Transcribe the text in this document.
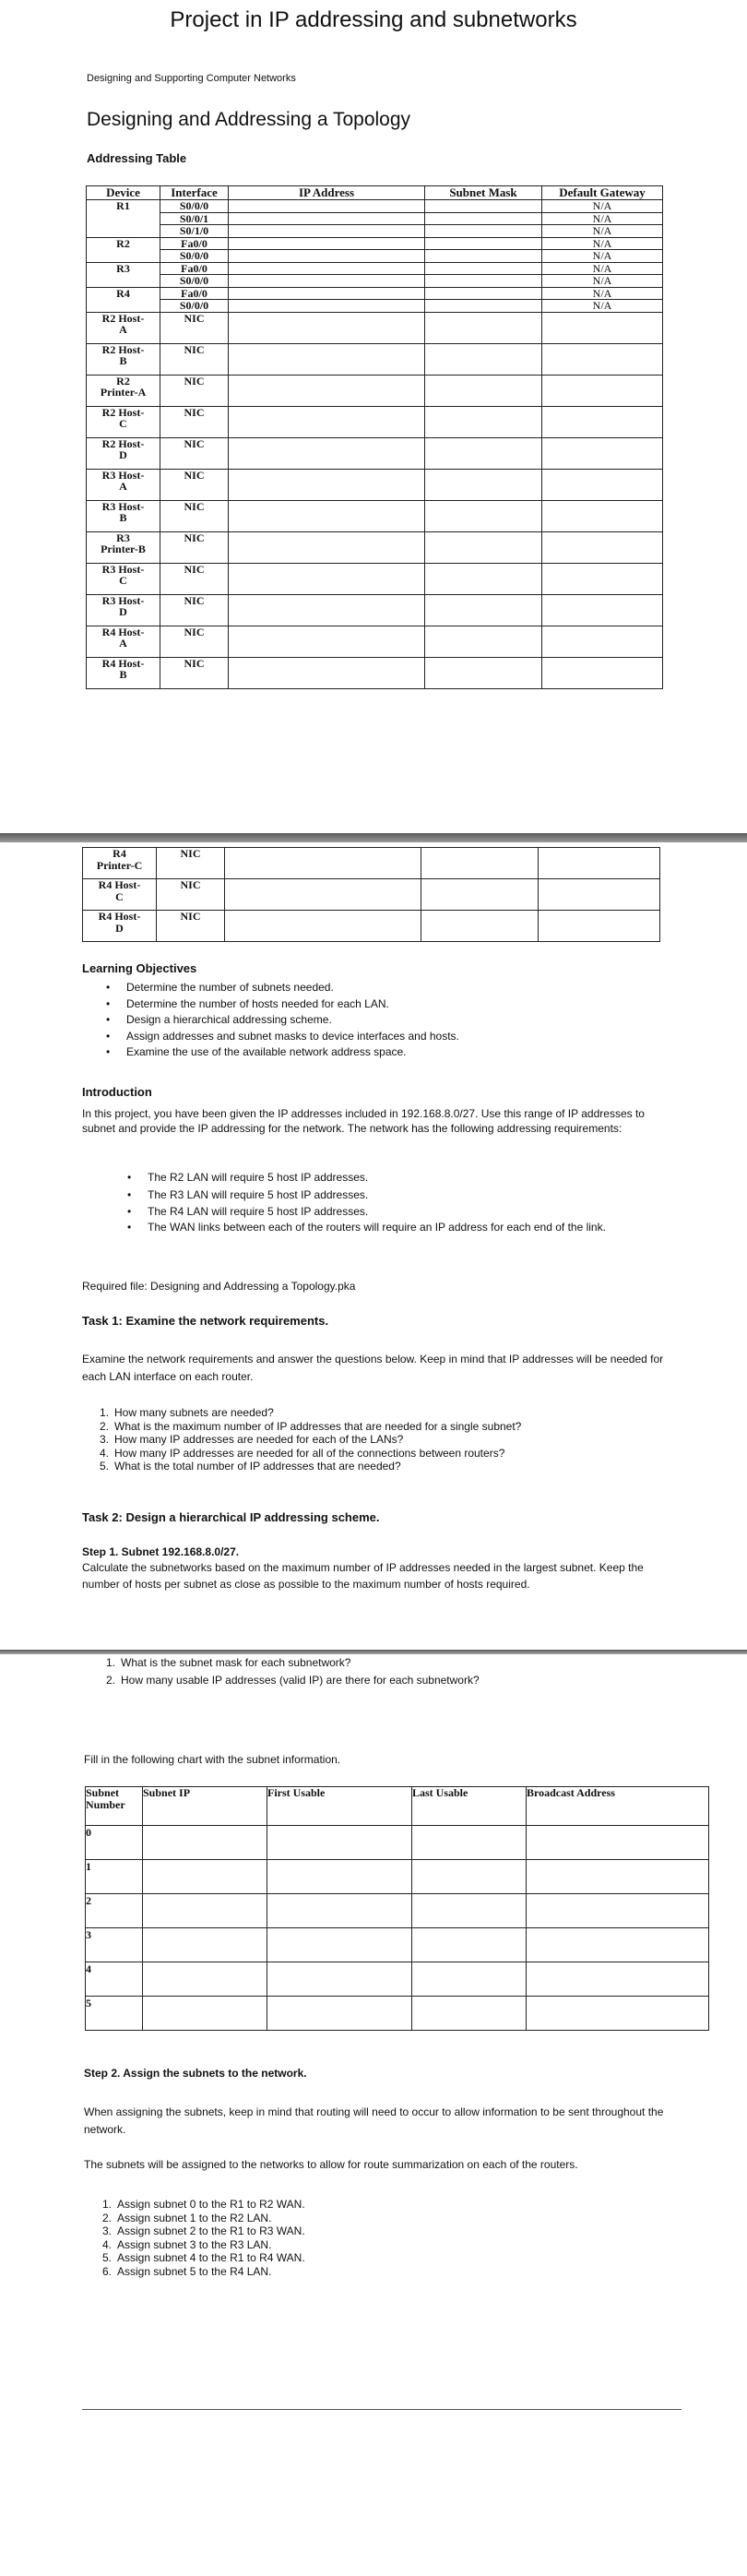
Project in IP addressing and subnetworks
Designing and Supporting Computer Networks
Designing and Addressing a Topology
Addressing Table
Device	Interface	IP Address	Subnet Mask	Default Gateway
R1	S0/0/0			N/A
	S0/0/1			N/A
	S0/1/0			N/A
R2	Fa0/0			N/A
	S0/0/0			N/A
R3	Fa0/0			N/A
	S0/0/0			N/A
R4	Fa0/0			N/A
	S0/0/0			N/A

R2 Host-
A	NIC			

R2 Host-
B	NIC			

R2
Printer-A	NIC			

R2 Host-
C	NIC			

R2 Host-
D	NIC			

R3 Host-
A	NIC			

R3 Host-
B	NIC			

R3
Printer-B	NIC			

R3 Host-
C	NIC			

R3 Host-
D	NIC			

R4 Host-
A	NIC			

R4 Host-
B	NIC			
R4
Printer-C	NIC			

R4 Host-
C	NIC			

R4 Host-
D	NIC			
Learning Objectives
• Determine the number of subnets needed.
• Determine the number of hosts needed for each LAN.
• Design a hierarchical addressing scheme.
• Assign addresses and subnet masks to device interfaces and hosts.
• Examine the use of the available network address space.
Introduction
In this project, you have been given the IP addresses included in 192.168.8.0/27. Use this range of IP addresses to subnet and provide the IP addressing for the network. The network has the following addressing requirements:
• The R2 LAN will require 5 host IP addresses.
• The R3 LAN will require 5 host IP addresses.
• The R4 LAN will require 5 host IP addresses.
• The WAN links between each of the routers will require an IP address for each end of the link.
Required file: Designing and Addressing a Topology.pka
Task 1: Examine the network requirements.
Examine the network requirements and answer the questions below. Keep in mind that IP addresses will be needed for each LAN interface on each router.
1. How many subnets are needed?
2. What is the maximum number of IP addresses that are needed for a single subnet?
3. How many IP addresses are needed for each of the LANs?
4. How many IP addresses are needed for all of the connections between routers?
5. What is the total number of IP addresses that are needed?
Task 2: Design a hierarchical IP addressing scheme.
Step 1. Subnet 192.168.8.0/27.
Calculate the subnetworks based on the maximum number of IP addresses needed in the largest subnet. Keep the number of hosts per subnet as close as possible to the maximum number of hosts required.
1. What is the subnet mask for each subnetwork?
2. How many usable IP addresses (valid IP) are there for each subnetwork?
Fill in the following chart with the subnet information.
Subnet Number	Subnet IP	First Usable	Last Usable	Broadcast Address
0				
1				
2				
3				
4				
5				
Step 2. Assign the subnets to the network.
When assigning the subnets, keep in mind that routing will need to occur to allow information to be sent throughout the network.
The subnets will be assigned to the networks to allow for route summarization on each of the routers.
1. Assign subnet 0 to the R1 to R2 WAN.
2. Assign subnet 1 to the R2 LAN.
3. Assign subnet 2 to the R1 to R3 WAN.
4. Assign subnet 3 to the R3 LAN.
5. Assign subnet 4 to the R1 to R4 WAN.
6. Assign subnet 5 to the R4 LAN.
